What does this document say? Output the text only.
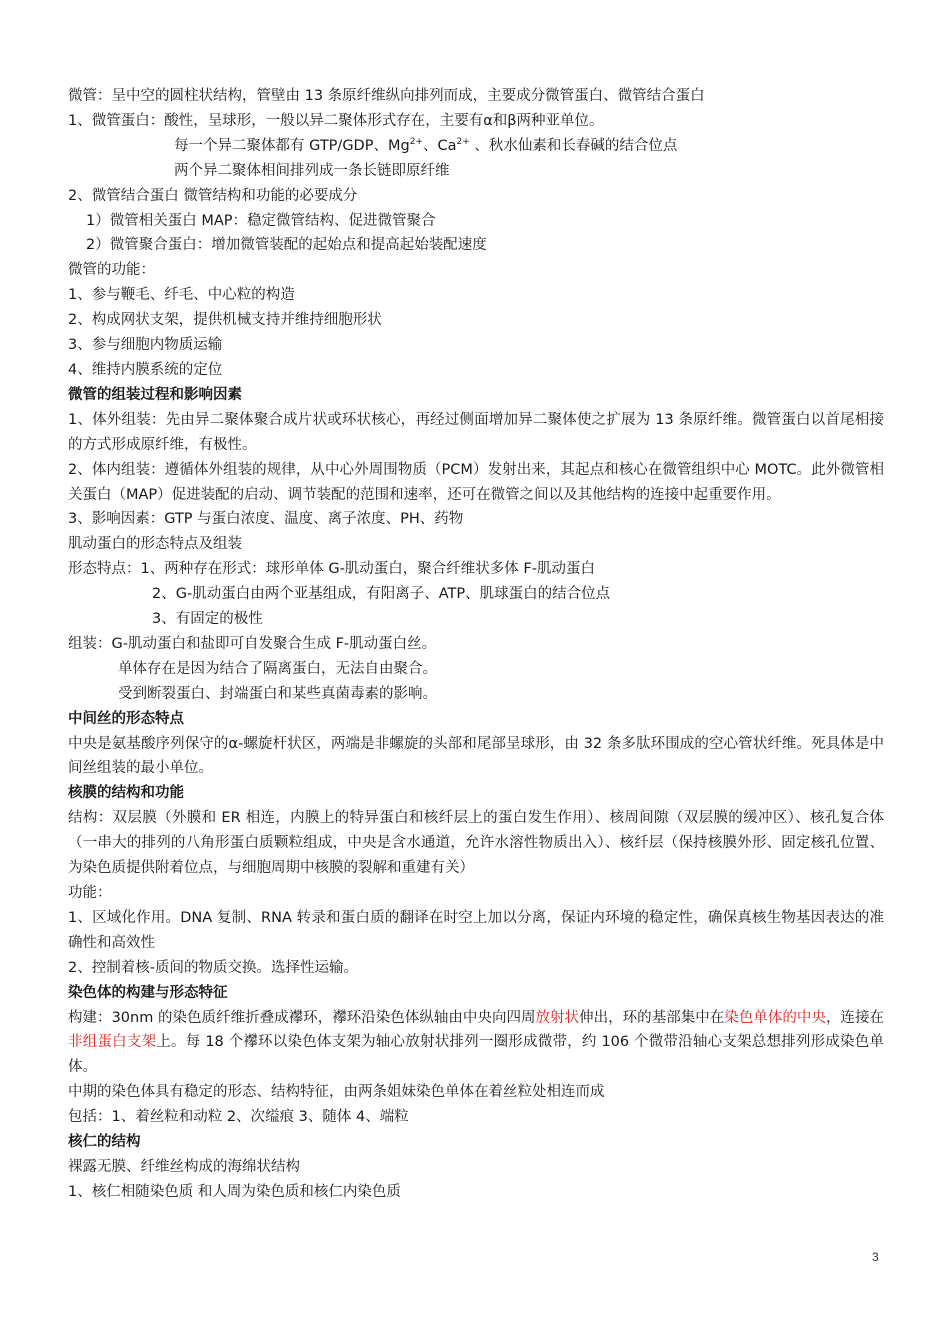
微管：呈中空的圆柱状结构，管壁由 13 条原纤维纵向排列而成，主要成分微管蛋白、微管结合蛋白

1、微管蛋白：酸性，呈球形，一般以异二聚体形式存在，主要有α和β两种亚单位。

每一个异二聚体都有 GTP/GDP、$Mg^{2+}$、$Ca^{2+}$ 、秋水仙素和长春碱的结合位点

两个异二聚体相间排列成一条长链即原纤维

2、微管结合蛋白 微管结构和功能的必要成分

1）微管相关蛋白 MAP：稳定微管结构、促进微管聚合

2）微管聚合蛋白：增加微管装配的起始点和提高起始装配速度

微管的功能：

1、参与鞭毛、纤毛、中心粒的构造

2、构成网状支架，提供机械支持并维持细胞形状

3、参与细胞内物质运输

4、维持内膜系统的定位

微管的组装过程和影响因素

1、体外组装：先由异二聚体聚合成片状或环状核心，再经过侧面增加异二聚体使之扩展为 13 条原纤维。微管蛋白以首尾相接的方式形成原纤维，有极性。

2、体内组装：遵循体外组装的规律，从中心外周围物质（PCM）发射出来，其起点和核心在微管组织中心 MOTC。此外微管相关蛋白（MAP）促进装配的启动、调节装配的范围和速率，还可在微管之间以及其他结构的连接中起重要作用。

3、影响因素：GTP 与蛋白浓度、温度、离子浓度、PH、药物

肌动蛋白的形态特点及组装

形态特点：1、两种存在形式：球形单体 G-肌动蛋白，聚合纤维状多体 F-肌动蛋白

2、G-肌动蛋白由两个亚基组成，有阳离子、ATP、肌球蛋白的结合位点

3、有固定的极性

组装：G-肌动蛋白和盐即可自发聚合生成 F-肌动蛋白丝。

单体存在是因为结合了隔离蛋白，无法自由聚合。

受到断裂蛋白、封端蛋白和某些真菌毒素的影响。

中间丝的形态特点

中央是氨基酸序列保守的α-螺旋杆状区，两端是非螺旋的头部和尾部呈球形，由 32 条多肽环围成的空心管状纤维。死具体是中间丝组装的最小单位。

核膜的结构和功能

结构：双层膜（外膜和 ER 相连，内膜上的特异蛋白和核纤层上的蛋白发生作用）、核周间隙（双层膜的缓冲区）、核孔复合体（一串大的排列的八角形蛋白质颗粒组成，中央是含水通道，允许水溶性物质出入）、核纤层（保持核膜外形、固定核孔位置、为染色质提供附着位点，与细胞周期中核膜的裂解和重建有关）

功能：

1、区域化作用。DNA 复制、RNA 转录和蛋白质的翻译在时空上加以分离，保证内环境的稳定性，确保真核生物基因表达的准确性和高效性

2、控制着核-质间的物质交换。选择性运输。

染色体的构建与形态特征

构建：30nm 的染色质纤维折叠成襻环，襻环沿染色体纵轴由中央向四周放射状伸出，环的基部集中在染色单体的中央，连接在非组蛋白支架上。每 18 个襻环以染色体支架为轴心放射状排列一圈形成微带，约 106 个微带沿轴心支架总想排列形成染色单体。

中期的染色体具有稳定的形态、结构特征，由两条姐妹染色单体在着丝粒处相连而成

包括：1、着丝粒和动粒 2、次缢痕 3、随体 4、端粒

核仁的结构

裸露无膜、纤维丝构成的海绵状结构

1、核仁相随染色质 和人周为染色质和核仁内染色质

3
